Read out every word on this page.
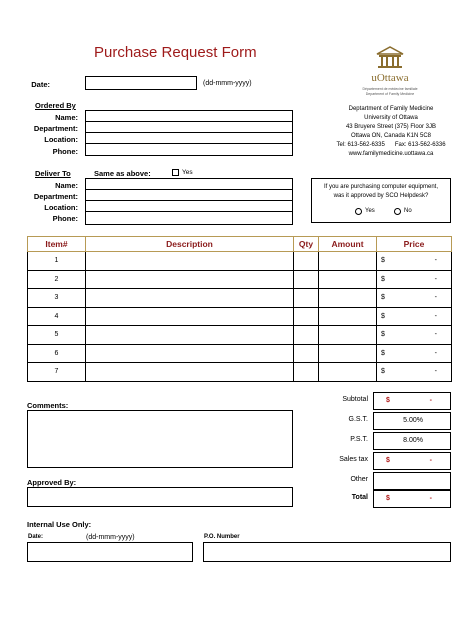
Purchase Request Form
uOttawa
Département de médecine familiale
Department of Family Medicine
Deptartment of Family Medicine
University of Ottawa
43 Bruyere Street (375) Floor 3JB
Ottawa ON, Canada K1N 5C8
Tel: 613-562-6335 Fax: 613-562-6336
www.familymedicine.uottawa.ca
Date:	(dd-mmm-yyyy)
Ordered By
Name:
Department:
Location:
Phone:
Deliver To	Same as above:	Yes
Name:
Department:
Location:
Phone:
If you are purchasing computer equipment,
was it approved by SCO Helpdesk?
Yes	No
Item#	Description	Qty	Amount	Price
1				$ -

2				$ -

3				$ -

4				$ -

5				$ -

6				$ -

7				$ -
Subtotal	$	-
G.S.T.	5.00%
P.S.T.	8.00%
Sales tax	$	-
Other
Total	$	-
Comments:
Approved By:
Internal Use Only:
Date:	(dd-mmm-yyyy)	P.O. Number
